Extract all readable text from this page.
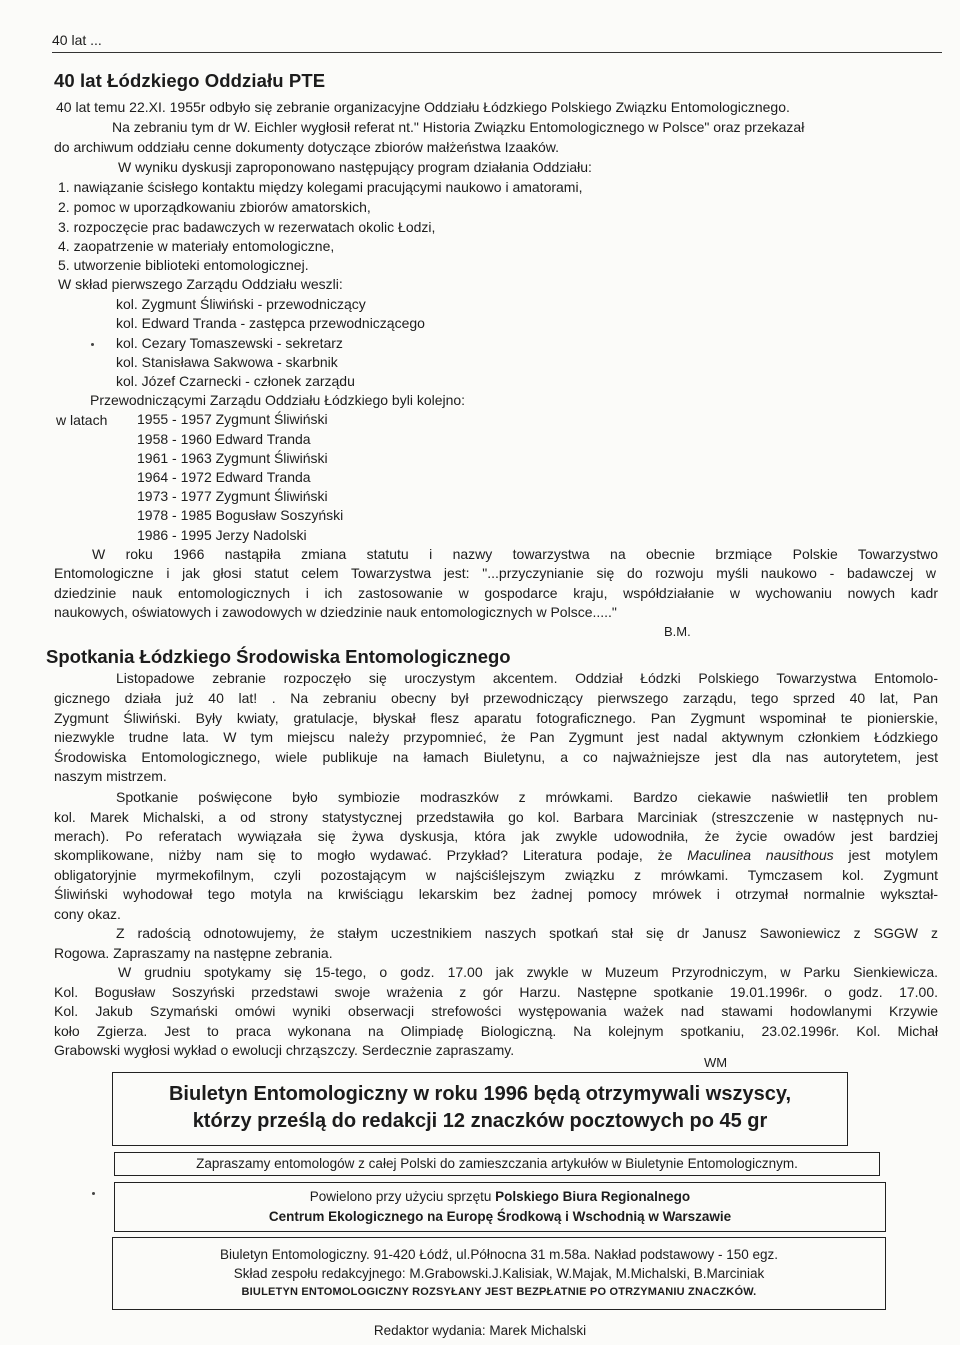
40 lat ...
40 lat Łódzkiego Oddziału PTE
40 lat temu 22.XI. 1955r odbyło się zebranie organizacyjne Oddziału Łódzkiego Polskiego Związku Entomologicznego.
Na zebraniu tym dr W. Eichler wygłosił referat nt." Historia Związku Entomologicznego w Polsce" oraz przekazał
do archiwum oddziału cenne dokumenty dotyczące zbiorów małżeństwa Izaaków.
W wyniku dyskusji zaproponowano następujący program działania Oddziału:
1. nawiązanie ścisłego kontaktu między kolegami pracującymi naukowo i amatorami,
2. pomoc w uporządkowaniu zbiorów amatorskich,
3. rozpoczęcie prac badawczych w rezerwatach okolic Łodzi,
4. zaopatrzenie w materiały entomologiczne,
5. utworzenie biblioteki entomologicznej.
W skład pierwszego Zarządu Oddziału weszli:
kol. Zygmunt Śliwiński - przewodniczący
kol. Edward Tranda - zastępca przewodniczącego
kol. Cezary Tomaszewski - sekretarz
kol. Stanisława Sakwowa - skarbnik
kol. Józef Czarnecki - członek zarządu
Przewodniczącymi Zarządu Oddziału Łódzkiego byli kolejno:
w latach 1955 - 1957 Zygmunt Śliwiński
1958 - 1960 Edward Tranda
1961 - 1963 Zygmunt Śliwiński
1964 - 1972 Edward Tranda
1973 - 1977 Zygmunt Śliwiński
1978 - 1985 Bogusław Soszyński
1986 - 1995 Jerzy Nadolski
W roku 1966 nastąpiła zmiana statutu i nazwy towarzystwa na obecnie brzmiące Polskie Towarzystwo
Entomologiczne i jak głosi statut celem Towarzystwa jest: "...przyczynianie się do rozwoju myśli naukowo - badawczej w
dziedzinie nauk entomologicznych i ich zastosowanie w gospodarce kraju, współdziałanie w wychowaniu nowych kadr
naukowych, oświatowych i zawodowych w dziedzinie nauk entomologicznych w Polsce....."
B.M.
Spotkania Łódzkiego Środowiska Entomologicznego
Listopadowe zebranie rozpoczęło się uroczystym akcentem. Oddział Łódzki Polskiego Towarzystwa Entomolo-
gicznego działa już 40 lat! . Na zebraniu obecny był przewodniczący pierwszego zarządu, tego sprzed 40 lat, Pan
Zygmunt Śliwiński. Były kwiaty, gratulacje, błyskał flesz aparatu fotograficznego. Pan Zygmunt wspominał te pionierskie,
niezwykle trudne lata. W tym miejscu należy przypomnieć, że Pan Zygmunt jest nadal aktywnym członkiem Łódzkiego
Środowiska Entomologicznego, wiele publikuje na łamach Biuletynu, a co najważniejsze jest dla nas autorytetem, jest
naszym mistrzem.
Spotkanie poświęcone było symbiozie modraszków z mrówkami. Bardzo ciekawie naświetlił ten problem
kol. Marek Michalski, a od strony statystycznej przedstawiła go kol. Barbara Marciniak (streszczenie w następnych nu-
merach). Po referatach wywiązała się żywa dyskusja, która jak zwykle udowodniła, że życie owadów jest bardziej
skomplikowane, niżby nam się to mogło wydawać. Przykład? Literatura podaje, że Maculinea nausithous jest motylem
obligatoryjnie myrmekofilnym, czyli pozostającym w najściślejszym związku z mrówkami. Tymczasem kol. Zygmunt
Śliwiński wyhodował tego motyla na krwiściągu lekarskim bez żadnej pomocy mrówek i otrzymał normalnie wykształ-
cony okaz.
Z radością odnotowujemy, że stałym uczestnikiem naszych spotkań stał się dr Janusz Sawoniewicz z SGGW z
Rogowa. Zapraszamy na następne zebrania.
W grudniu spotykamy się 15-tego, o godz. 17.00 jak zwykle w Muzeum Przyrodniczym, w Parku Sienkiewicza.
Kol. Bogusław Soszyński przedstawi swoje wrażenia z gór Harzu. Następne spotkanie 19.01.1996r. o godz. 17.00.
Kol. Jakub Szymański omówi wyniki obserwacji strefowości występowania ważek nad stawami hodowlanymi Krzywie
koło Zgierza. Jest to praca wykonana na Olimpiadę Biologiczną. Na kolejnym spotkaniu, 23.02.1996r. Kol. Michał
Grabowski wygłosi wykład o ewolucji chrząszczy. Serdecznie zapraszamy.
WM
Biuletyn Entomologiczny w roku 1996 będą otrzymywali wszyscy,
którzy prześlą do redakcji 12 znaczków pocztowych po 45 gr
Zapraszamy entomologów z całej Polski do zamieszczania artykułów w Biuletynie Entomologicznym.
Powielono przy użyciu sprzętu Polskiego Biura Regionalnego
Centrum Ekologicznego na Europę Środkową i Wschodnią w Warszawie
Biuletyn Entomologiczny. 91-420 Łódź, ul.Północna 31 m.58a. Nakład podstawowy - 150 egz.
Skład zespołu redakcyjnego: M.Grabowski.J.Kalisiak, W.Majak, M.Michalski, B.Marciniak
BIULETYN ENTOMOLOGICZNY ROZSYŁANY JEST BEZPŁATNIE PO OTRZYMANIU ZNACZKÓW.
Redaktor wydania: Marek Michalski
